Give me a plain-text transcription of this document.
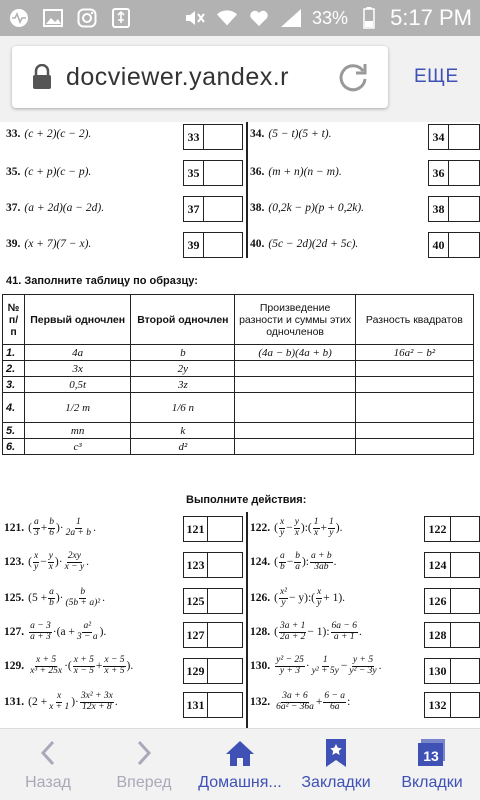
33% 5:17 PM
docviewer.yandex.r	ЕЩЕ
33. (c + 2)(c − 2).	33	34. (5 − t)(5 + t).	34
35. (c + p)(c − p).	35	36. (m + n)(n − m).	36
37. (a + 2d)(a − 2d).	37	38. (0,2k − p)(p + 0,2k).	38
39. (x + 7)(7 − x).	39	40. (5c − 2d)(2d + 5c).	40
41. Заполните таблицу по образцу:
№ п/п	Первый одночлен	Второй одночлен	Произведение разности и суммы этих одночленов	Разность квадратов
1.	4a	b	(4a − b)(4a + b)	16a² − b²
2.	3x	2y		
3.	0,5t	3z		
4.	1/2 m	1/6 n		
5.	mn	k		
6.	c³	d²		
Выполните действия:
121. ( $\frac{a}{3} + \frac{b}{6}$ )· $\frac{1}{2a + b}$ .	121	122. ( $\frac{x}{y} - \frac{y}{x}$ ):( $\frac{1}{x} + \frac{1}{y}$ ).	122
123. ( $\frac{x}{y} - \frac{y}{x}$ )· $\frac{2xy}{x - y}$ .	123	124. ( $\frac{a}{b} - \frac{b}{a}$ ): $\frac{a + b}{3ab}$ .	124
125. ($5 + \frac{a}{b}$ )· $\frac{b}{\text{(5b + a)²}}$ .	125	126. ( $\frac{\text{x²}}{y}$ − y):( $\frac{x}{y} + 1$).	126
127. $\frac{a - 3}{a + 3} \cdot(a + \frac{\text{a²}}{3 - a}$ ).	127	128. ( $\frac{3a + 1}{2a + 2} - 1$): $\frac{6a - 6}{a + 1}$ .	128
129. $\frac{x + 5}{\text{x³ + 25x}}$ ·( $\frac{x + 5}{x - 5} + \frac{x - 5}{x + 5}$ ).	129	130. $\frac{\text{y² − 25}}{y + 3} \cdot \frac{1}{\text{y² + 5y}} - \frac{y + 5}{\text{y² − 3y}}$ .	130
131. ($2 + \frac{x}{x + 1}$ )· $\frac{\text{3x² + 3x}}{12x + 8}$ .	131	132. $\frac{3a + 6}{\text{6a² − 36a}} + \frac{6 - a}{6a}$ :	132
Назад	Вперед Домашня... Закладки
13
Вкладки
